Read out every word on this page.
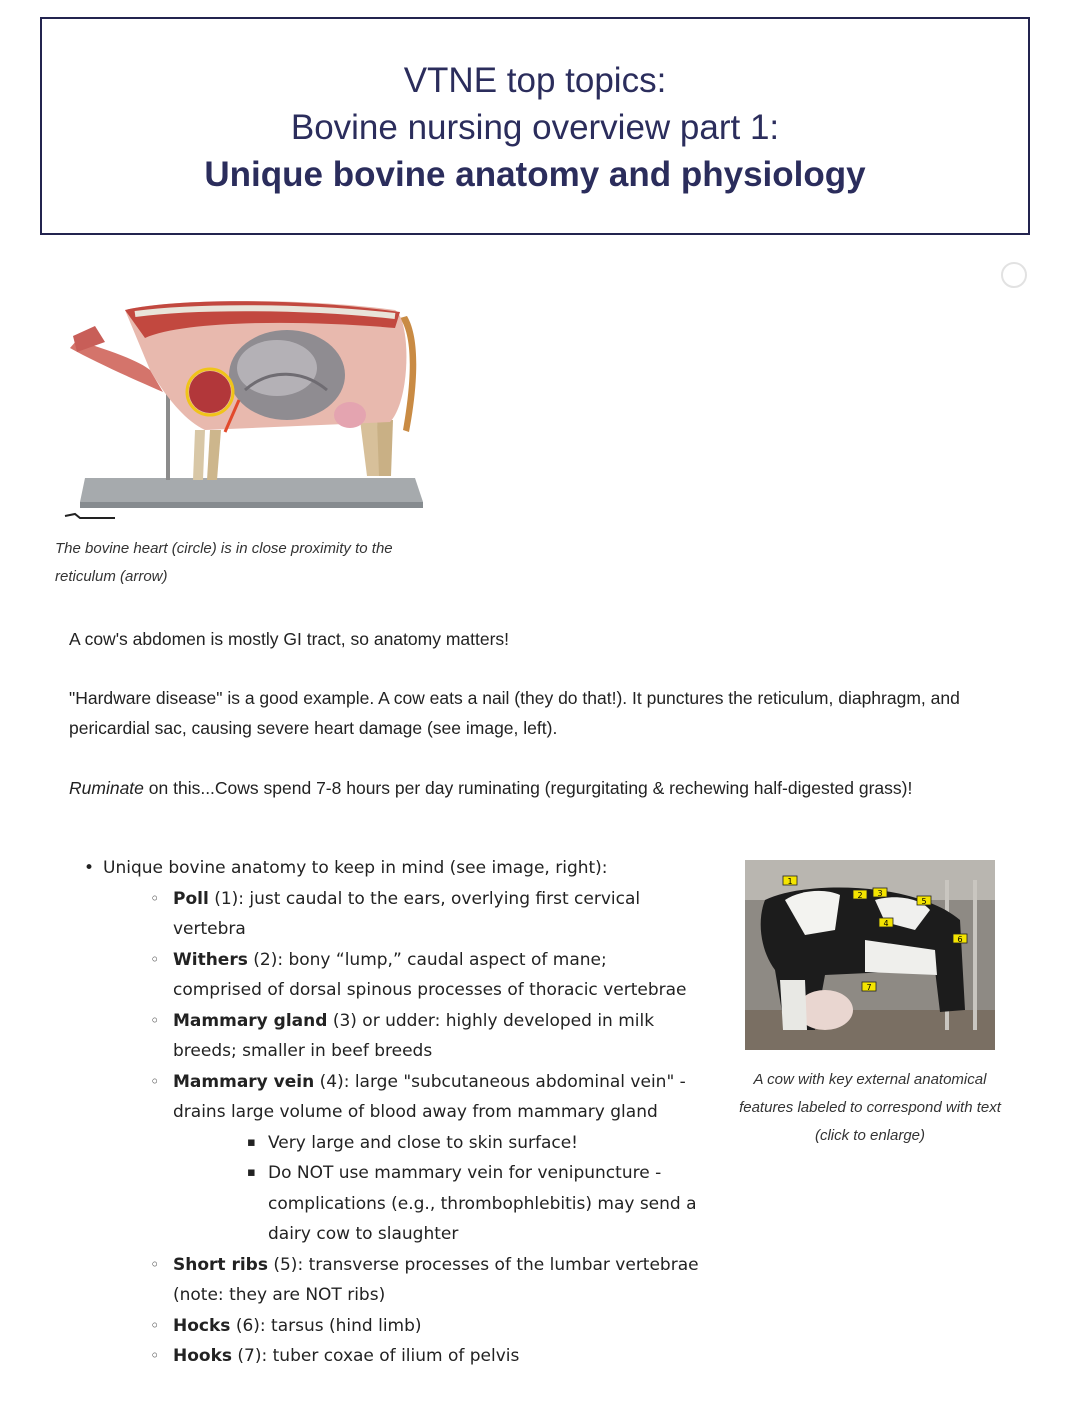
VTNE top topics:
Bovine nursing overview part 1:
Unique bovine anatomy and physiology
The bovine heart (circle) is in close proximity to the reticulum (arrow)
A cow's abdomen is mostly GI tract, so anatomy matters!
"Hardware disease" is a good example. A cow eats a nail (they do that!). It punctures the reticulum, diaphragm, and pericardial sac, causing severe heart damage (see image, left).
Ruminate on this...Cows spend 7-8 hours per day ruminating (regurgitating & rechewing half-digested grass)!
• Unique bovine anatomy to keep in mind (see image, right):
◦ Poll (1): just caudal to the ears, overlying first cervical vertebra
◦ Withers (2): bony “lump,” caudal aspect of mane; comprised of dorsal spinous processes of thoracic vertebrae
◦ Mammary gland (3) or udder: highly developed in milk breeds; smaller in beef breeds
◦ Mammary vein (4): large "subcutaneous abdominal vein" - drains large volume of blood away from mammary gland
▪ Very large and close to skin surface!
▪ Do NOT use mammary vein for venipuncture - complications (e.g., thrombophlebitis) may send a dairy cow to slaughter
◦ Short ribs (5): transverse processes of the lumbar vertebrae (note: they are NOT ribs)
◦ Hocks (6): tarsus (hind limb)
◦ Hooks (7): tuber coxae of ilium of pelvis
1
2 3
4
5
6
7
A cow with key external anatomical features labeled to correspond with text (click to enlarge)
